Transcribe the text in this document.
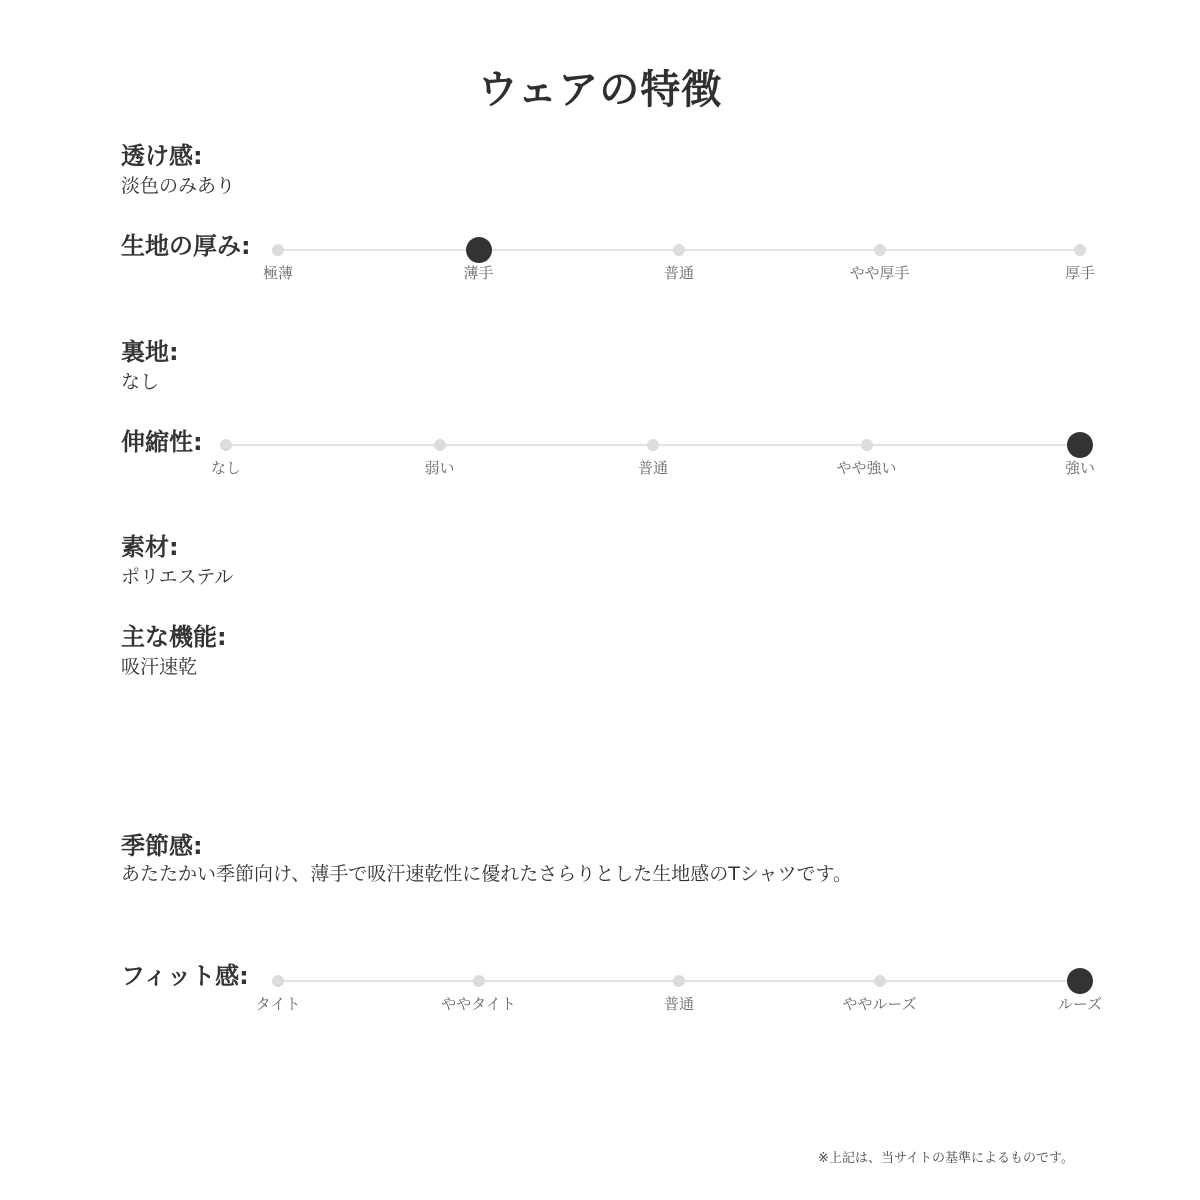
ウェアの特徴
透け感:
淡色のみあり
生地の厚み:
極薄	薄手	普通	やや厚手	厚手
裏地:
なし
伸縮性:
なし	弱い	普通	やや強い	強い
素材:
ポリエステル
主な機能:
吸汗速乾
季節感:
あたたかい季節向け、薄手で吸汗速乾性に優れたさらりとした生地感のTシャツです。
フィット感:
タイト	ややタイト	普通	ややルーズ	ルーズ
※上記は、当サイトの基準によるものです。
